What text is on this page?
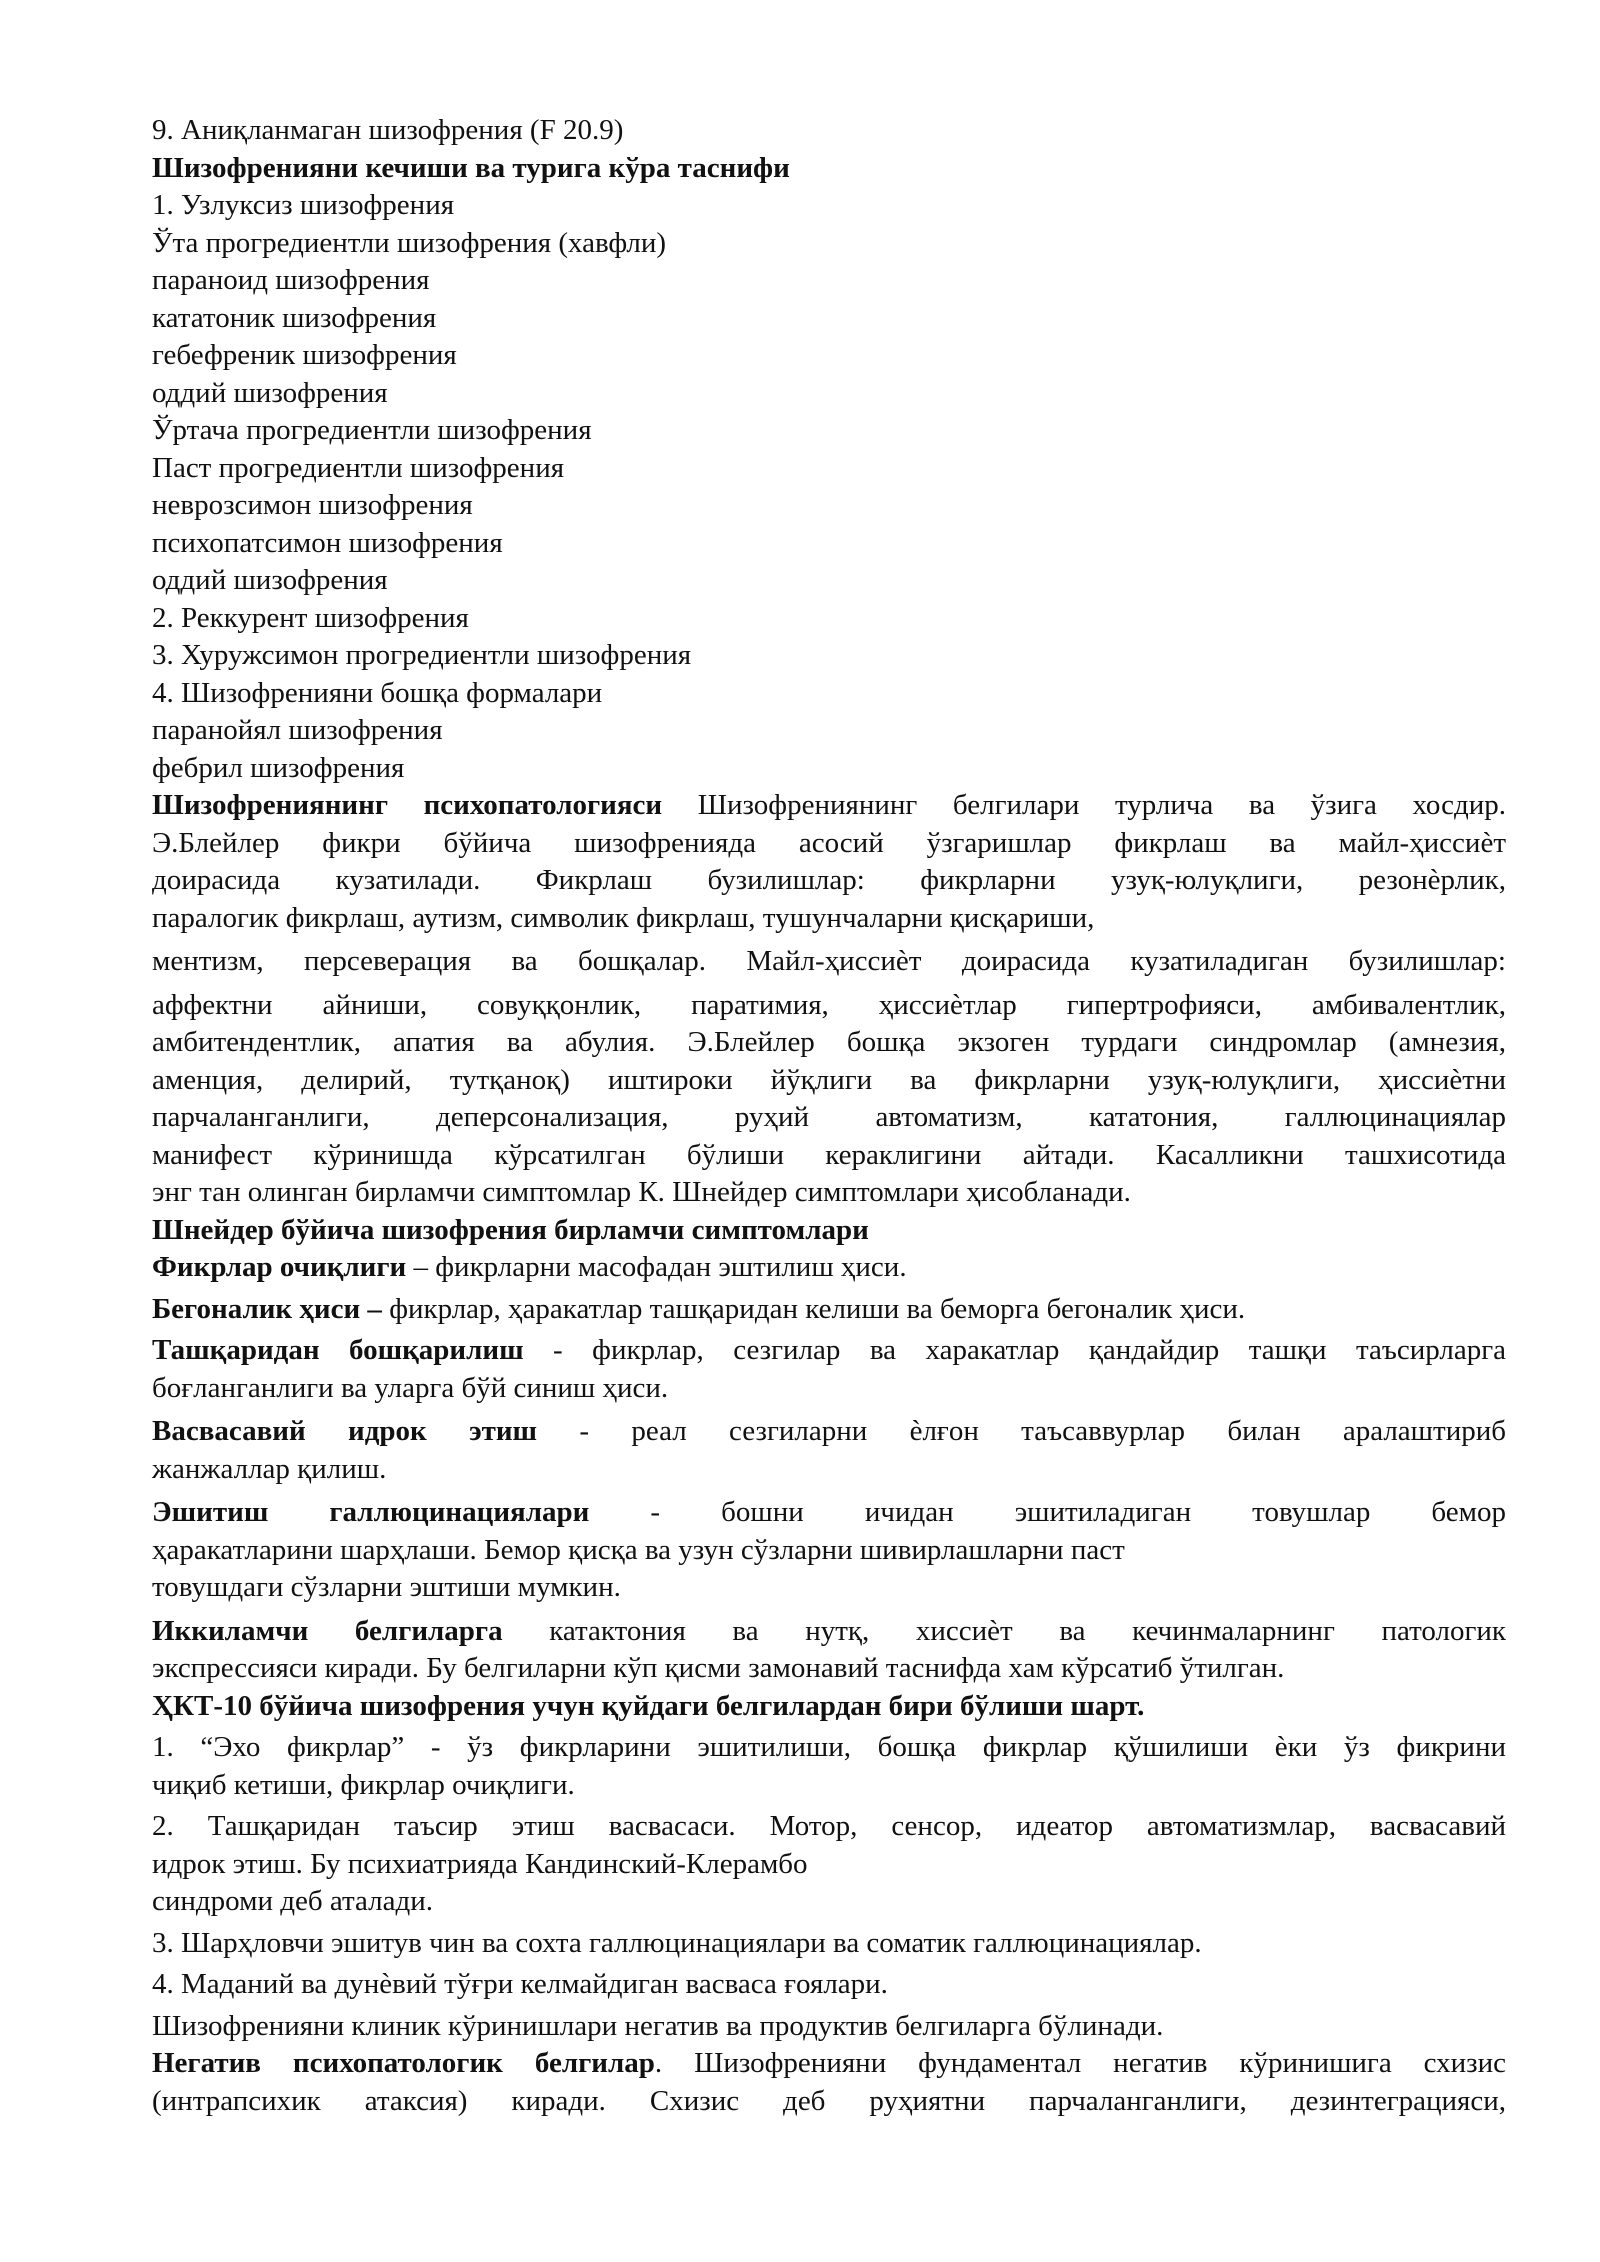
9. Аниқланмаган шизофрения (F 20.9)
Шизофренияни кечиши ва турига кўра таснифи
1. Узлуксиз шизофрения
Ўта прогредиентли шизофрения (хавфли)
параноид шизофрения
кататоник шизофрения
гебефреник шизофрения
оддий шизофрения
Ўртача прогредиентли шизофрения
Паст прогредиентли шизофрения
неврозсимон шизофрения
психопатсимон шизофрения
оддий шизофрения
2. Реккурент шизофрения
3. Хуружсимон прогредиентли шизофрения
4. Шизофренияни бошқа формалари
паранойял шизофрения
фебрил шизофрения
Шизофрениянинг психопатологияси Шизофрениянинг белгилари турлича ва ўзига хосдир.
Э.Блейлер фикри бўйича шизофренияда асосий ўзгаришлар фикрлаш ва майл-ҳиссиѐт
доирасида кузатилади. Фикрлаш бузилишлар: фикрларни узуқ-юлуқлиги, резонѐрлик,
паралогик фикрлаш, аутизм, символик фикрлаш, тушунчаларни қисқариши,
ментизм, персеверация ва бошқалар. Майл-ҳиссиѐт доирасида кузатиладиган бузилишлар:
аффектни айниши, совуққонлик, паратимия, ҳиссиѐтлар гипертрофияси, амбивалентлик,
амбитендентлик, апатия ва абулия. Э.Блейлер бошқа экзоген турдаги синдромлар (амнезия,
аменция, делирий, тутқаноқ) иштироки йўқлиги ва фикрларни узуқ-юлуқлиги, ҳиссиѐтни
парчаланганлиги, деперсонализация, руҳий автоматизм, кататония, галлюцинациялар
манифест кўринишда кўрсатилган бўлиши кераклигини айтади. Касалликни ташхисотида
энг тан олинган бирламчи симптомлар К. Шнейдер симптомлари ҳисобланади.
Шнейдер бўйича шизофрения бирламчи симптомлари
Фикрлар очиқлиги – фикрларни масофадан эштилиш ҳиси.
Бегоналик ҳиси – фикрлар, ҳаракатлар ташқаридан келиши ва беморга бегоналик ҳиси.
Ташқаридан бошқарилиш - фикрлар, сезгилар ва харакатлар қандайдир ташқи таъсирларга
боғланганлиги ва уларга бўй синиш ҳиси.
Васвасавий идрок этиш - реал сезгиларни ѐлғон таъсаввурлар билан аралаштириб
жанжаллар қилиш.
Эшитиш галлюцинациялари - бошни ичидан эшитиладиган товушлар бемор
ҳаракатларини шарҳлаши. Бемор қисқа ва узун сўзларни шивирлашларни паст
товушдаги сўзларни эштиши мумкин.
Иккиламчи белгиларга катактония ва нутқ, хиссиѐт ва кечинмаларнинг патологик
экспрессияси киради. Бу белгиларни кўп қисми замонавий таснифда хам кўрсатиб ўтилган.
ҲКТ-10 бўйича шизофрения учун қуйдаги белгилардан бири бўлиши шарт.
1. “Эхо фикрлар” - ўз фикрларини эшитилиши, бошқа фикрлар қўшилиши ѐки ўз фикрини
чиқиб кетиши, фикрлар очиқлиги.
2. Ташқаридан таъсир этиш васвасаси. Мотор, сенсор, идеатор автоматизмлар, васвасавий
идрок этиш. Бу психиатрияда Кандинский-Клерамбо
синдроми деб аталади.
3. Шарҳловчи эшитув чин ва сохта галлюцинациялари ва соматик галлюцинациялар.
4. Маданий ва дунѐвий тўғри келмайдиган васваса ғоялари.
Шизофренияни клиник кўринишлари негатив ва продуктив белгиларга бўлинади.
Негатив психопатологик белгилар. Шизофренияни фундаментал негатив кўринишига схизис
(интрапсихик атаксия) киради. Схизис деб руҳиятни парчаланганлиги, дезинтеграцияси,
